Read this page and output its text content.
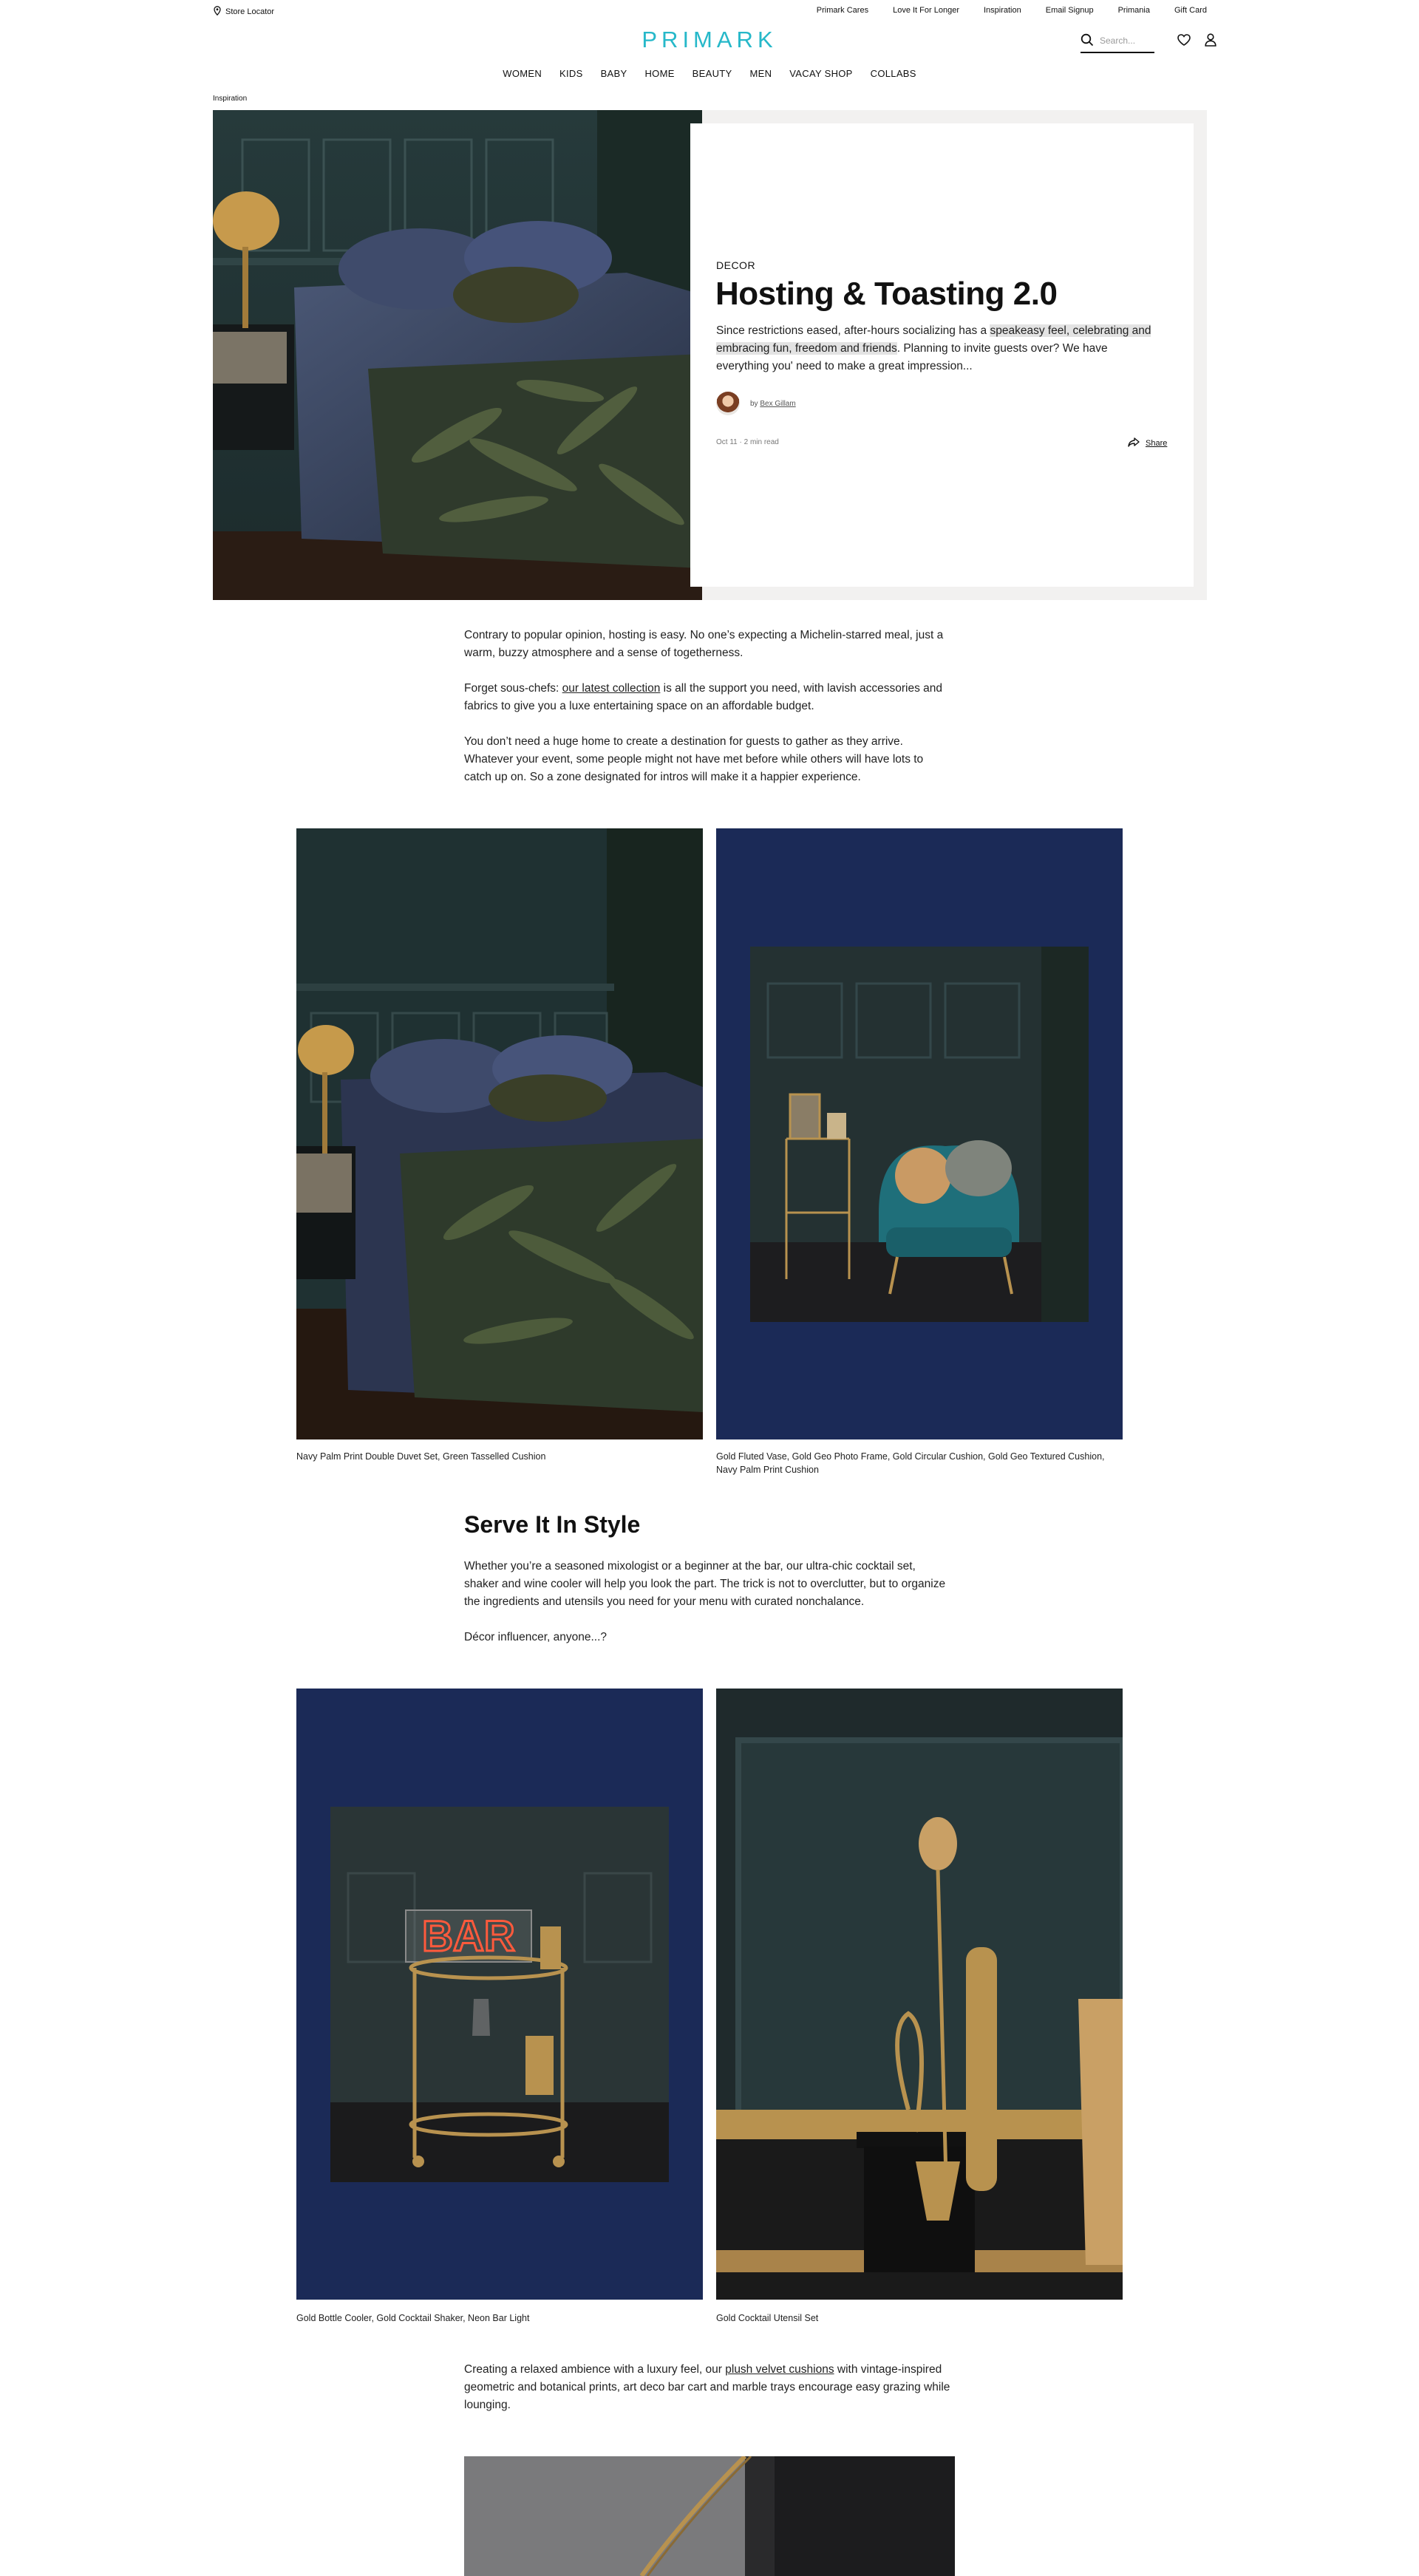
Store Locator	Primark Cares	Love It For Longer	Inspiration	Email Signup	Primania	Gift Card
PRIMARK	Search...
WOMEN KIDS BABY HOME BEAUTY MEN VACAY SHOP COLLABS
Inspiration
DECOR
Hosting & Toasting 2.0
Since restrictions eased, after-hours socializing has a speakeasy feel, celebrating and embracing fun, freedom and friends. Planning to invite guests over? We have everything you' need to make a great impression...
by Bex Gillam
Oct 11 · 2 min read	Share
Contrary to popular opinion, hosting is easy. No one’s expecting a Michelin-starred meal, just a warm, buzzy atmosphere and a sense of togetherness.
Forget sous-chefs: our latest collection is all the support you need, with lavish accessories and fabrics to give you a luxe entertaining space on an affordable budget.
You don’t need a huge home to create a destination for guests to gather as they arrive. Whatever your event, some people might not have met before while others will have lots to catch up on. So a zone designated for intros will make it a happier experience.
Navy Palm Print Double Duvet Set, Green Tasselled Cushion	Gold Fluted Vase, Gold Geo Photo Frame, Gold Circular Cushion, Gold Geo Textured Cushion, Navy Palm Print Cushion
Serve It In Style
Whether you’re a seasoned mixologist or a beginner at the bar, our ultra-chic cocktail set, shaker and wine cooler will help you look the part. The trick is not to overclutter, but to organize the ingredients and utensils you need for your menu with curated nonchalance.
Décor influencer, anyone...?
BAR
Gold Bottle Cooler, Gold Cocktail Shaker, Neon Bar Light	Gold Cocktail Utensil Set
Creating a relaxed ambience with a luxury feel, our plush velvet cushions with vintage-inspired geometric and botanical prints, art deco bar cart and marble trays encourage easy grazing while lounging.
